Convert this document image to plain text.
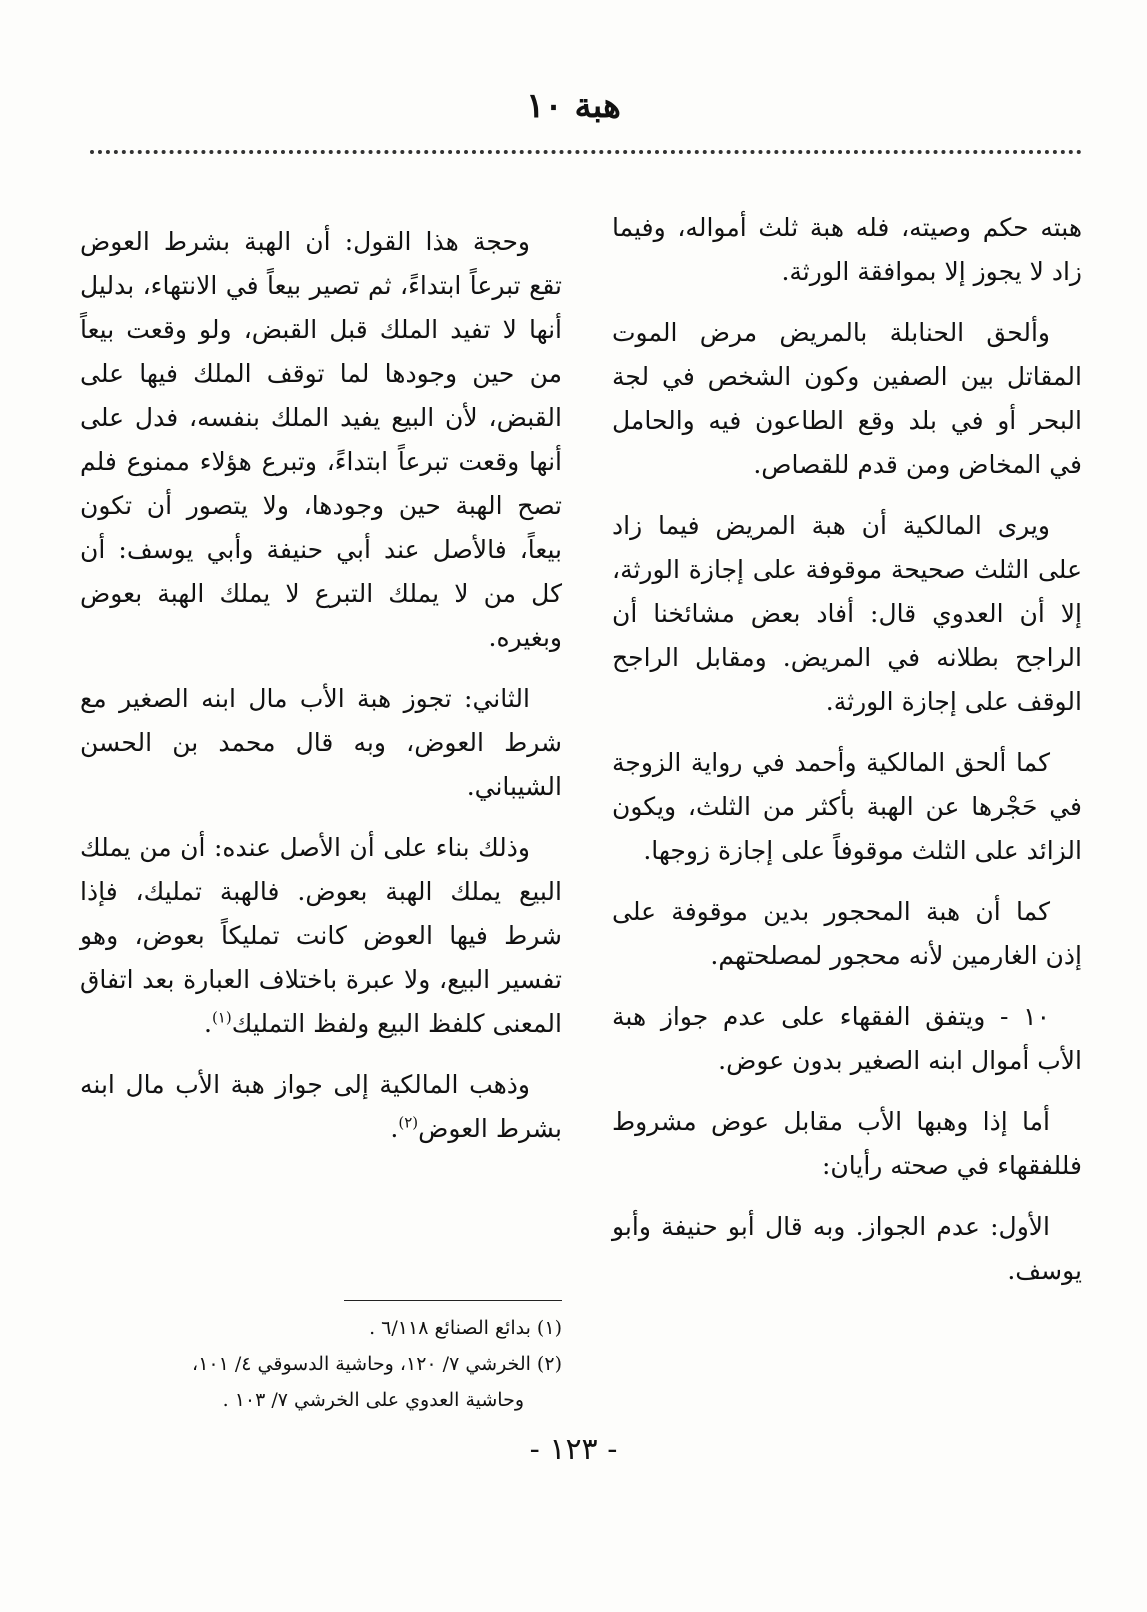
هبة ١٠

هبته حكم وصيته، فله هبة ثلث أمواله، وفيما زاد لا يجوز إلا بموافقة الورثة.

وألحق الحنابلة بالمريض مرض الموت المقاتل بين الصفين وكون الشخص في لجة البحر أو في بلد وقع الطاعون فيه والحامل في المخاض ومن قدم للقصاص.

ويرى المالكية أن هبة المريض فيما زاد على الثلث صحيحة موقوفة على إجازة الورثة، إلا أن العدوي قال: أفاد بعض مشائخنا أن الراجح بطلانه في المريض. ومقابل الراجح الوقف على إجازة الورثة.

كما ألحق المالكية وأحمد في رواية الزوجة في حَجْرها عن الهبة بأكثر من الثلث، ويكون الزائد على الثلث موقوفاً على إجازة زوجها.

كما أن هبة المحجور بدين موقوفة على إذن الغارمين لأنه محجور لمصلحتهم.

١٠ - ويتفق الفقهاء على عدم جواز هبة الأب أموال ابنه الصغير بدون عوض.

أما إذا وهبها الأب مقابل عوض مشروط فللفقهاء في صحته رأيان:

الأول: عدم الجواز. وبه قال أبو حنيفة وأبو يوسف.

وحجة هذا القول: أن الهبة بشرط العوض تقع تبرعاً ابتداءً، ثم تصير بيعاً في الانتهاء، بدليل أنها لا تفيد الملك قبل القبض، ولو وقعت بيعاً من حين وجودها لما توقف الملك فيها على القبض، لأن البيع يفيد الملك بنفسه، فدل على أنها وقعت تبرعاً ابتداءً، وتبرع هؤلاء ممنوع فلم تصح الهبة حين وجودها، ولا يتصور أن تكون بيعاً، فالأصل عند أبي حنيفة وأبي يوسف: أن كل من لا يملك التبرع لا يملك الهبة بعوض وبغيره.

الثاني: تجوز هبة الأب مال ابنه الصغير مع شرط العوض، وبه قال محمد بن الحسن الشيباني.

وذلك بناء على أن الأصل عنده: أن من يملك البيع يملك الهبة بعوض. فالهبة تمليك، فإذا شرط فيها العوض كانت تمليكاً بعوض، وهو تفسير البيع، ولا عبرة باختلاف العبارة بعد اتفاق المعنى كلفظ البيع ولفظ التمليك$^{(١)}$.

وذهب المالكية إلى جواز هبة الأب مال ابنه بشرط العوض$^{(٢)}$.

(١) بدائع الصنائع ٦/١١٨ .

(٢) الخرشي ٧/ ١٢٠، وحاشية الدسوقي ٤/ ١٠١،

وحاشية العدوي على الخرشي ٧/ ١٠٣ .

- ١٢٣ -
